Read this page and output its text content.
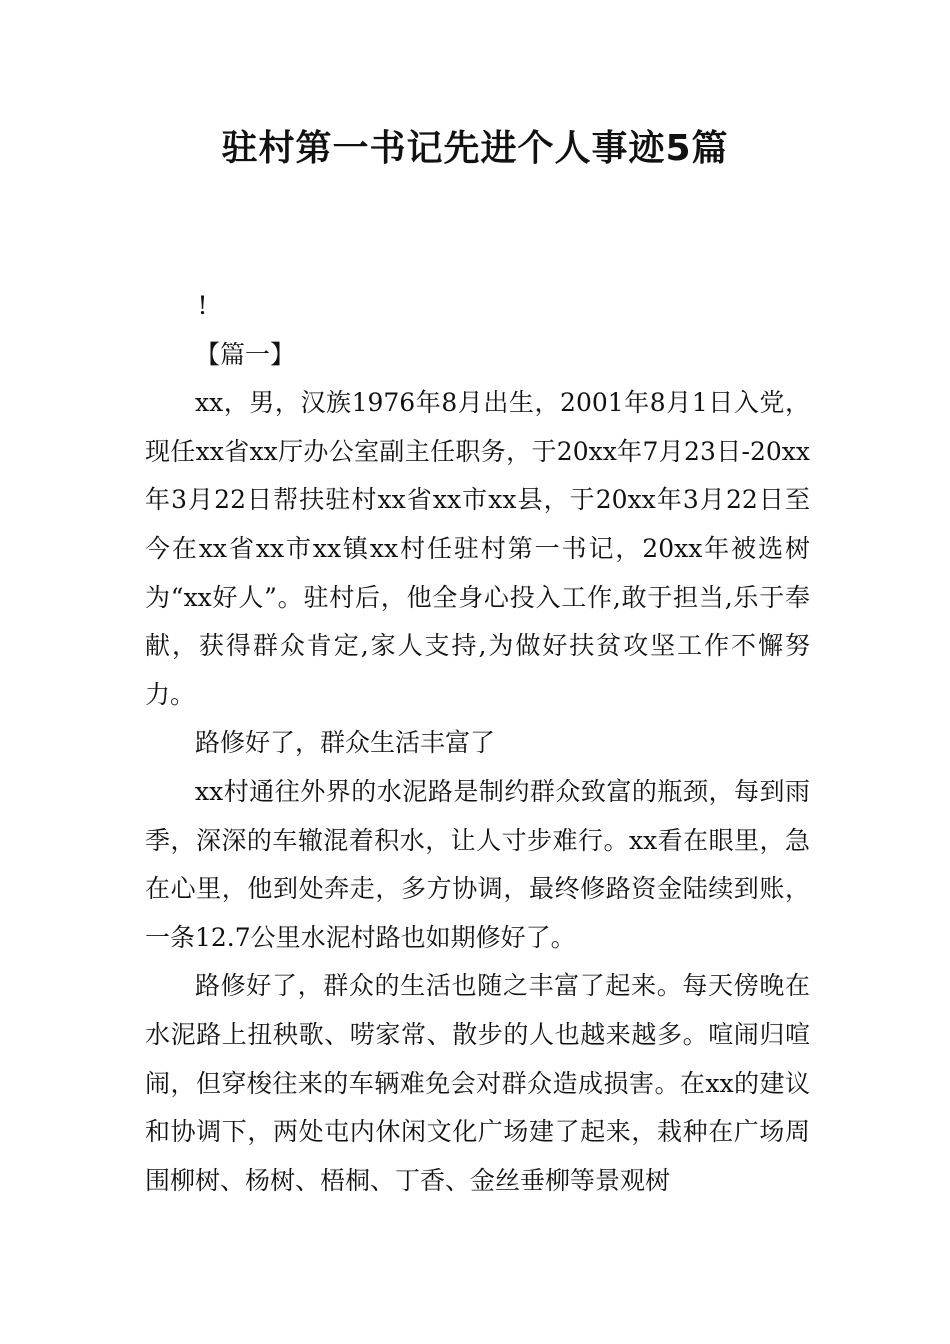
驻村第一书记先进个人事迹5篇

!

【篇一】

xx，男，汉族1976年8月出生，2001年8月1日入党，现任xx省xx厅办公室副主任职务，于20xx年7月23日-20xx年3月22日帮扶驻村xx省xx市xx县，于20xx年3月22日至今在xx省xx市xx镇xx村任驻村第一书记，20xx年被选树为“xx好人”。驻村后，他全身心投入工作,敢于担当,乐于奉献，获得群众肯定,家人支持,为做好扶贫攻坚工作不懈努力。

路修好了，群众生活丰富了

xx村通往外界的水泥路是制约群众致富的瓶颈，每到雨季，深深的车辙混着积水，让人寸步难行。xx看在眼里，急在心里，他到处奔走，多方协调，最终修路资金陆续到账，一条12.7公里水泥村路也如期修好了。

路修好了，群众的生活也随之丰富了起来。每天傍晚在水泥路上扭秧歌、唠家常、散步的人也越来越多。喧闹归喧闹，但穿梭往来的车辆难免会对群众造成损害。在xx的建议和协调下，两处屯内休闲文化广场建了起来，栽种在广场周围柳树、杨树、梧桐、丁香、金丝垂柳等景观树
